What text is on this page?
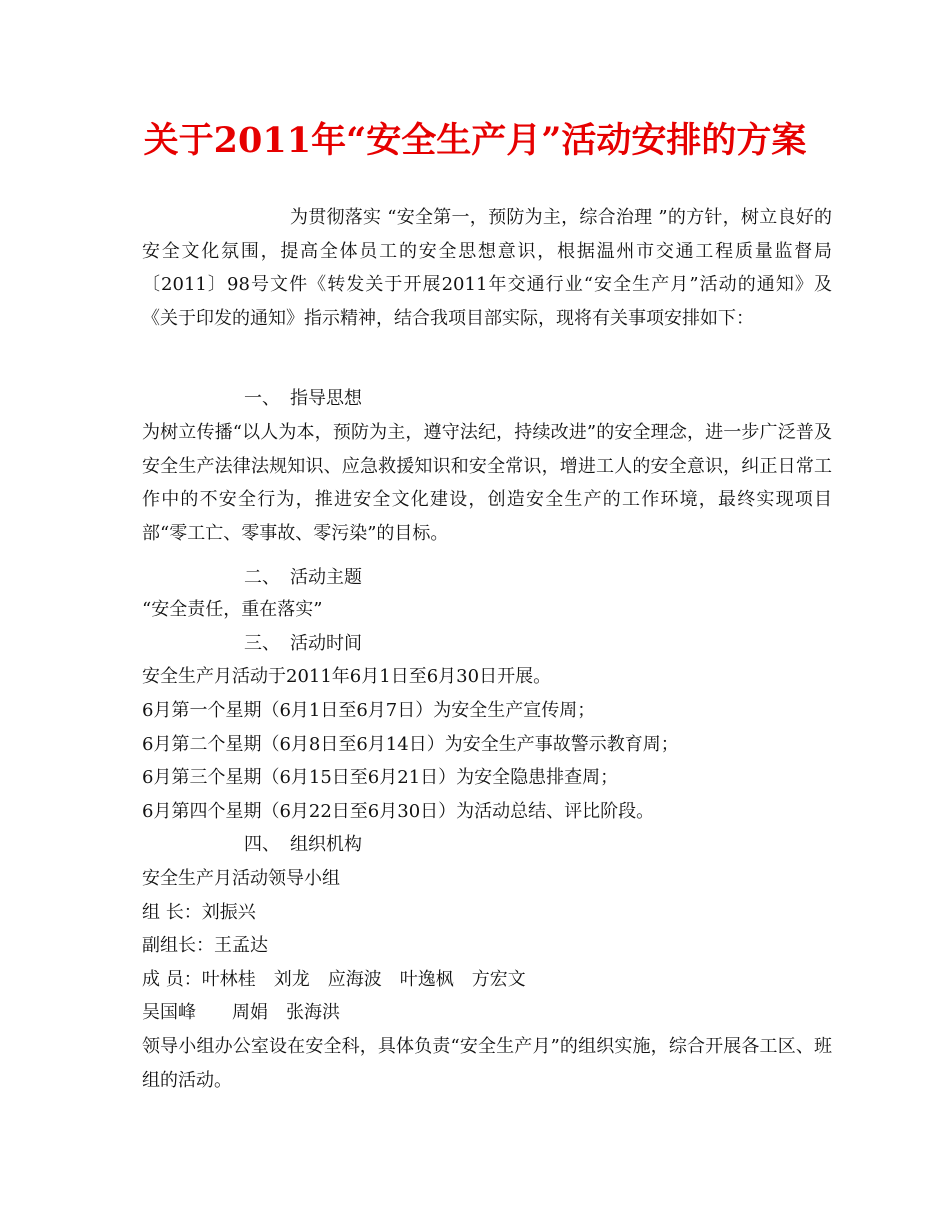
关于2011年“安全生产月”活动安排的方案
为贯彻落实 “安全第一，预防为主，综合治理 ”的方针，树立良好的安全文化氛围，提高全体员工的安全思想意识，根据温州市交通工程质量监督局〔2011〕98号文件《转发关于开展2011年交通行业“安全生产月”活动的通知》及《关于印发的通知》指示精神，结合我项目部实际，现将有关事项安排如下：
一、 指导思想
为树立传播“以人为本，预防为主，遵守法纪，持续改进”的安全理念，进一步广泛普及安全生产法律法规知识、应急救援知识和安全常识，增进工人的安全意识，纠正日常工作中的不安全行为，推进安全文化建设，创造安全生产的工作环境，最终实现项目部“零工亡、零事故、零污染”的目标。
二、 活动主题
“安全责任，重在落实”
三、 活动时间
安全生产月活动于2011年6月1日至6月30日开展。
6月第一个星期（6月1日至6月7日）为安全生产宣传周；
6月第二个星期（6月8日至6月14日）为安全生产事故警示教育周；
6月第三个星期（6月15日至6月21日）为安全隐患排查周；
6月第四个星期（6月22日至6月30日）为活动总结、评比阶段。
四、 组织机构
安全生产月活动领导小组
组 长：刘振兴
副组长：王孟达
成 员：叶林桂　刘龙　应海波　叶逸枫　方宏文
吴国峰　　周娟　张海洪
领导小组办公室设在安全科，具体负责“安全生产月”的组织实施，综合开展各工区、班组的活动。
